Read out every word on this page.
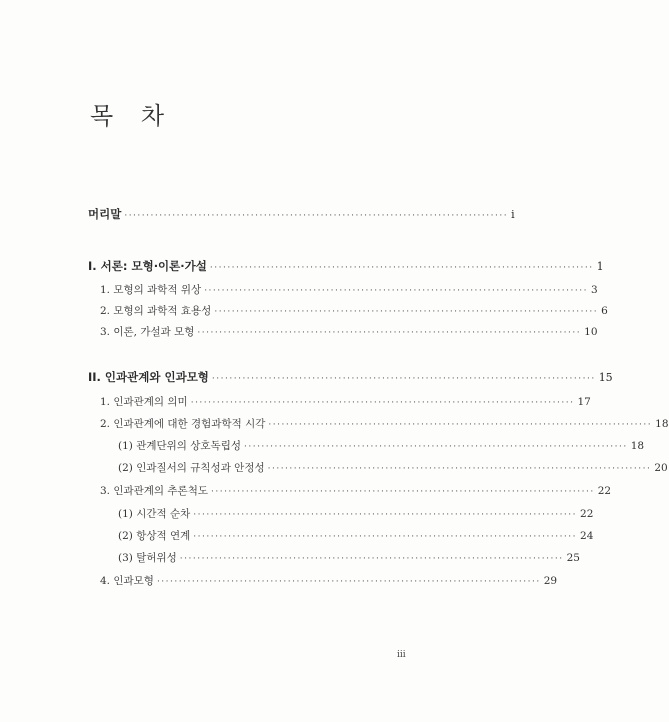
목 차
머리말 ························································································ i
I. 서론: 모형·이론·가설 ························································································ 1
1. 모형의 과학적 위상 ························································································ 3
2. 모형의 과학적 효용성 ························································································ 6
3. 이론, 가설과 모형 ························································································ 10
II. 인과관계와 인과모형 ························································································ 15
1. 인과관계의 의미 ························································································ 17
2. 인과관계에 대한 경험과학적 시각 ························································································ 18
(1) 관계단위의 상호독립성 ························································································ 18
(2) 인과질서의 규칙성과 안정성 ························································································ 20
3. 인과관계의 추론척도 ························································································ 22
(1) 시간적 순차 ························································································ 22
(2) 항상적 연계 ························································································ 24
(3) 탈허위성 ························································································ 25
4. 인과모형 ························································································ 29
iii
